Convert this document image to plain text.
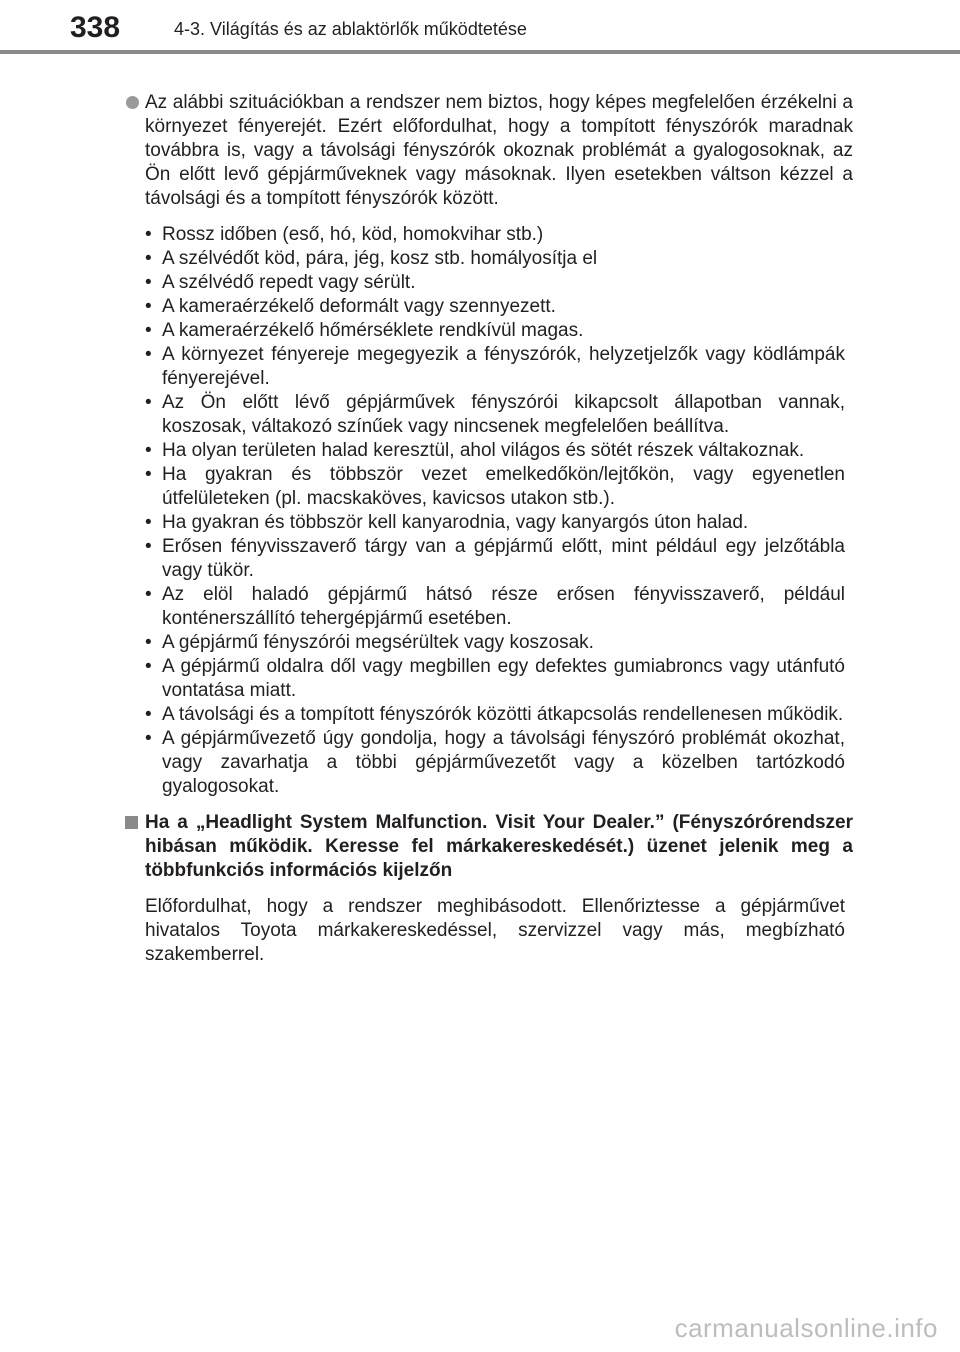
338	4-3. Világítás és az ablaktörlők működtetése
Az alábbi szituációkban a rendszer nem biztos, hogy képes megfelelően érzékelni a környezet fényerejét. Ezért előfordulhat, hogy a tompított fényszórók maradnak továbbra is, vagy a távolsági fényszórók okoznak problémát a gyalogosoknak, az Ön előtt levő gépjárműveknek vagy másoknak. Ilyen esetekben váltson kézzel a távolsági és a tompított fényszórók között.
• Rossz időben (eső, hó, köd, homokvihar stb.)
• A szélvédőt köd, pára, jég, kosz stb. homályosítja el
• A szélvédő repedt vagy sérült.
• A kameraérzékelő deformált vagy szennyezett.
• A kameraérzékelő hőmérséklete rendkívül magas.
• A környezet fényereje megegyezik a fényszórók, helyzetjelzők vagy ködlámpák fényerejével.
• Az Ön előtt lévő gépjárművek fényszórói kikapcsolt állapotban vannak, koszosak, váltakozó színűek vagy nincsenek megfelelően beállítva.
• Ha olyan területen halad keresztül, ahol világos és sötét részek váltakoznak.
• Ha gyakran és többször vezet emelkedőkön/lejtőkön, vagy egyenetlen útfelületeken (pl. macskaköves, kavicsos utakon stb.).
• Ha gyakran és többször kell kanyarodnia, vagy kanyargós úton halad.
• Erősen fényvisszaverő tárgy van a gépjármű előtt, mint például egy jelzőtábla vagy tükör.
• Az elöl haladó gépjármű hátsó része erősen fényvisszaverő, például konténerszállító tehergépjármű esetében.
• A gépjármű fényszórói megsérültek vagy koszosak.
• A gépjármű oldalra dől vagy megbillen egy defektes gumiabroncs vagy utánfutó vontatása miatt.
• A távolsági és a tompított fényszórók közötti átkapcsolás rendellenesen működik.
• A gépjárművezető úgy gondolja, hogy a távolsági fényszóró problémát okozhat, vagy zavarhatja a többi gépjárművezetőt vagy a közelben tartózkodó gyalogosokat.
Ha a „Headlight System Malfunction. Visit Your Dealer.” (Fényszórórendszer hibásan működik. Keresse fel márkakereskedését.) üzenet jelenik meg a többfunkciós információs kijelzőn
Előfordulhat, hogy a rendszer meghibásodott. Ellenőriztesse a gépjárművet hivatalos Toyota márkakereskedéssel, szervizzel vagy más, megbízható szakemberrel.
carmanualsonline.info
